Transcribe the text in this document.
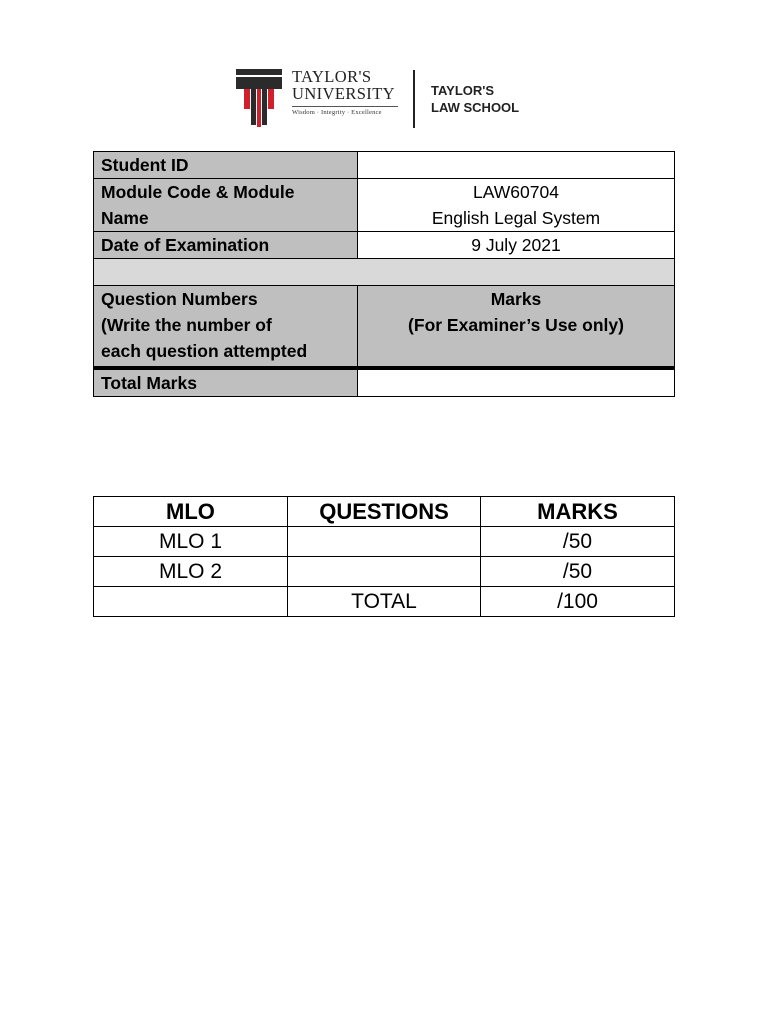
TAYLOR'S
UNIVERSITY
Wisdom · Integrity · Excellence
TAYLOR'S
LAW SCHOOL
Student ID	

Module Code & Module
Name	LAW60704
English Legal System

Date of Examination	9 July 2021

Question Numbers
(Write the number of
each question attempted	Marks
(For Examiner’s Use only)

Total Marks	
MLO	QUESTIONS	MARKS
MLO 1		/50
MLO 2		/50
	TOTAL	/100
